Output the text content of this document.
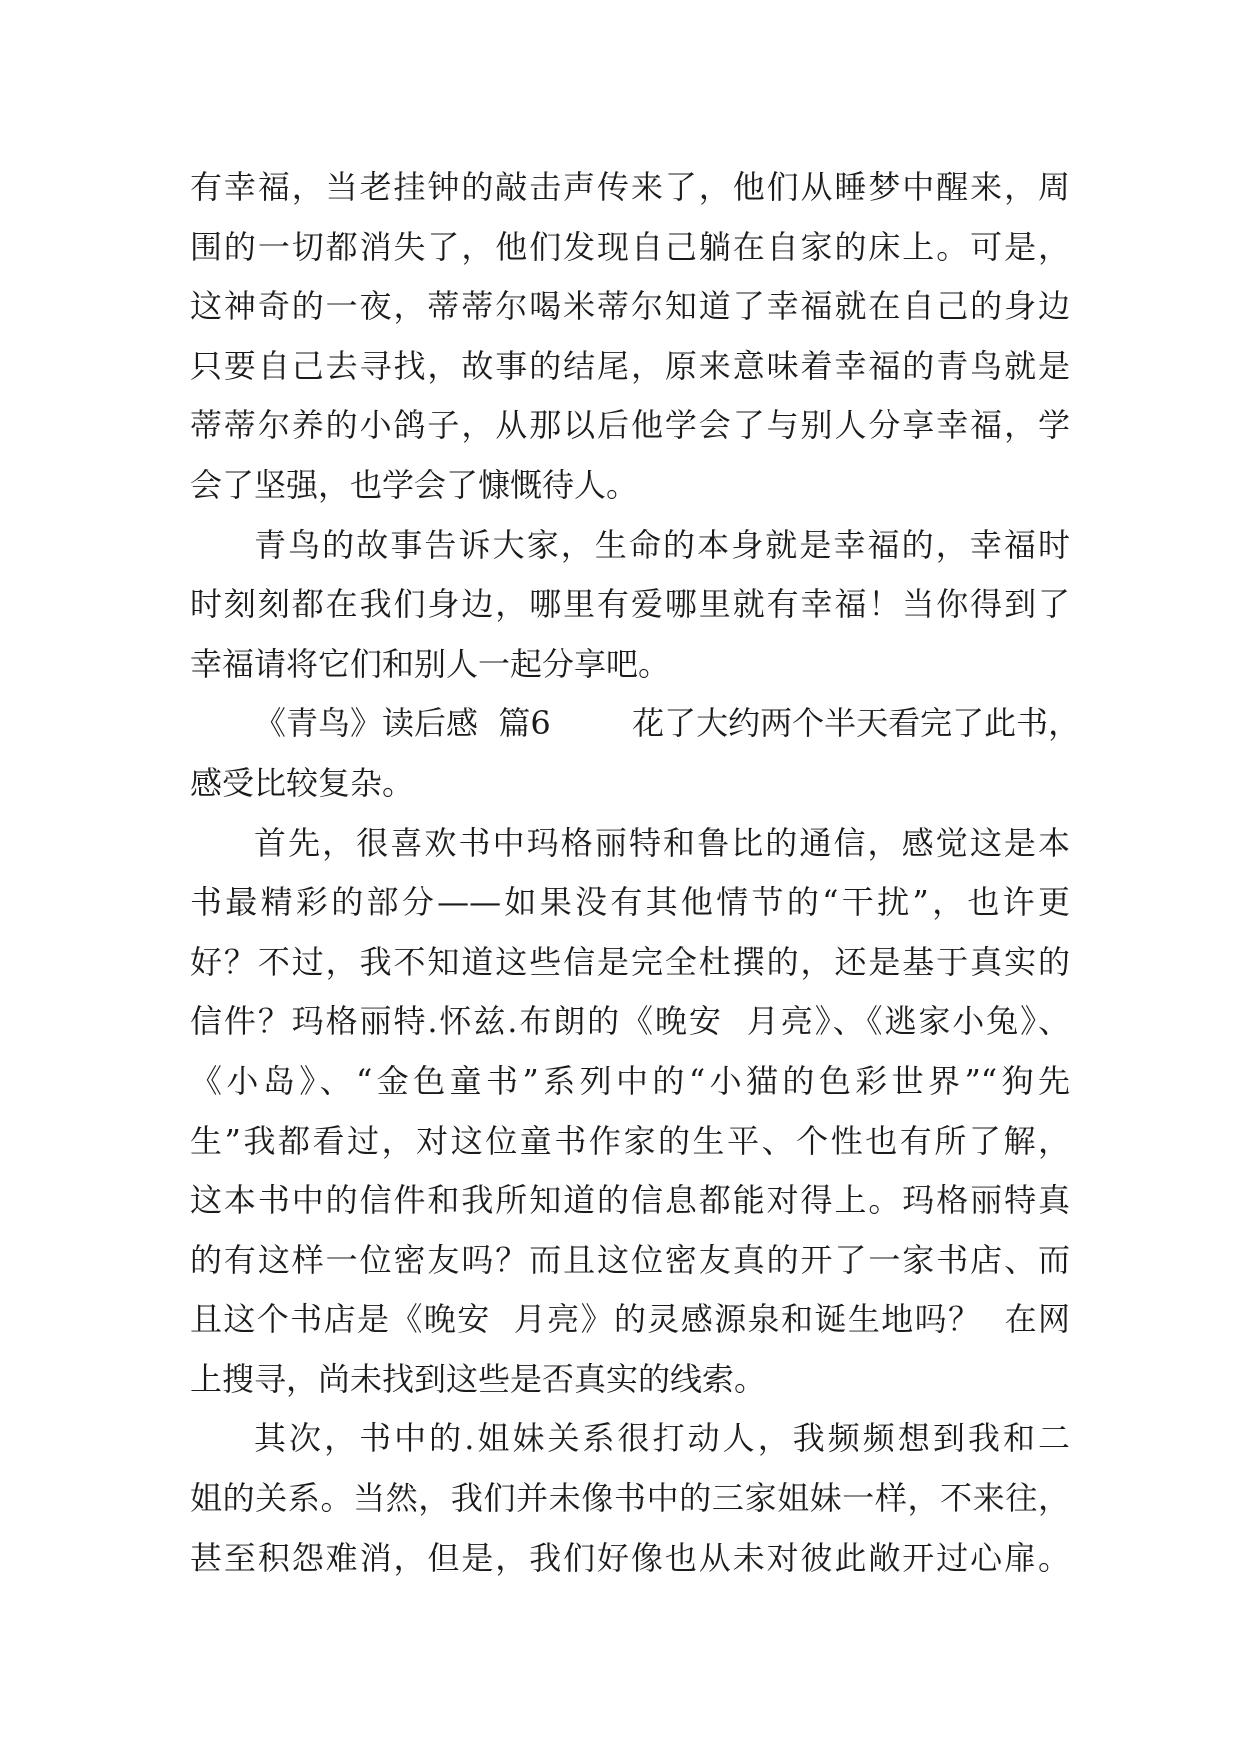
有幸福，当老挂钟的敲击声传来了，他们从睡梦中醒来，周
围的一切都消失了，他们发现自己躺在自家的床上。可是，
这神奇的一夜，蒂蒂尔喝米蒂尔知道了幸福就在自己的身边
只要自己去寻找，故事的结尾，原来意味着幸福的青鸟就是
蒂蒂尔养的小鸽子，从那以后他学会了与别人分享幸福，学
会了坚强，也学会了慷慨待人。
青鸟的故事告诉大家，生命的本身就是幸福的，幸福时
时刻刻都在我们身边，哪里有爱哪里就有幸福！当你得到了
幸福请将它们和别人一起分享吧。
《青鸟》读后感  篇6        花了大约两个半天看完了此书，
感受比较复杂。
首先，很喜欢书中玛格丽特和鲁比的通信，感觉这是本
书最精彩的部分——如果没有其他情节的“干扰”，也许更
好？不过，我不知道这些信是完全杜撰的，还是基于真实的
信件？玛格丽特.怀兹.布朗的《晚安  月亮》、《逃家小兔》、
《小岛》、“金色童书”系列中的“小猫的色彩世界”“狗先
生”我都看过，对这位童书作家的生平、个性也有所了解，
这本书中的信件和我所知道的信息都能对得上。玛格丽特真
的有这样一位密友吗？而且这位密友真的开了一家书店、而
且这个书店是《晚安  月亮》的灵感源泉和诞生地吗？  在网
上搜寻，尚未找到这些是否真实的线索。
其次，书中的.姐妹关系很打动人，我频频想到我和二
姐的关系。当然，我们并未像书中的三家姐妹一样，不来往，
甚至积怨难消，但是，我们好像也从未对彼此敞开过心扉。
